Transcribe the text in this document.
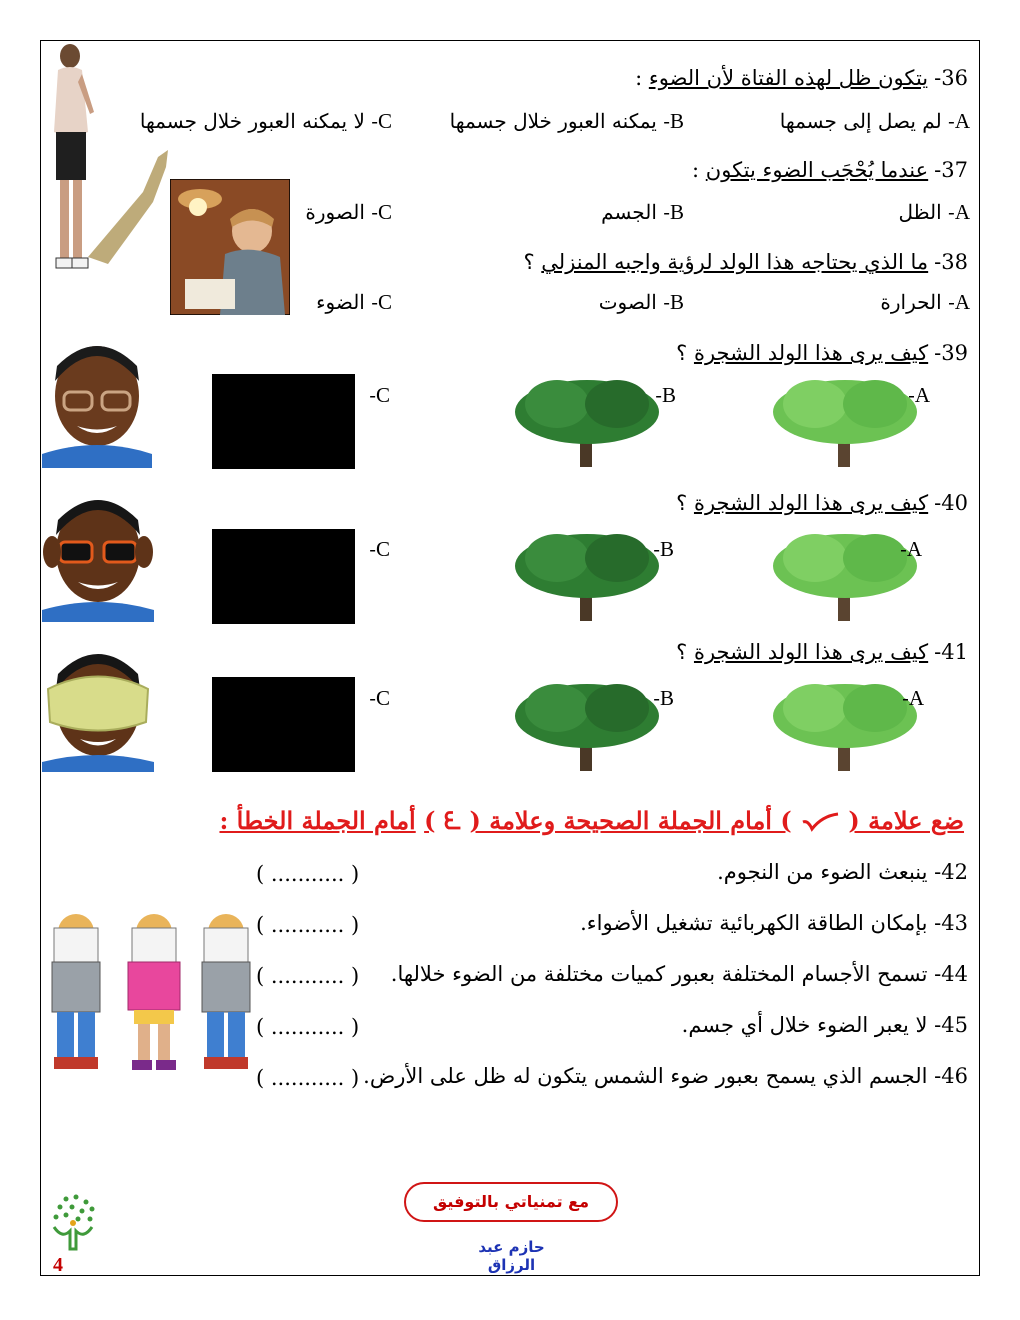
36-يتكون ظل لهذه الفتاة لأن الضوء :
A- لم يصل إلى جسمها
B- يمكنه العبور خلال جسمها
C- لا يمكنه العبور خلال جسمها
37-عندما يُحْجَب الضوء يتكون :
A- الظل
B- الجسم
C- الصورة
38-ما الذي يحتاجه هذا الولد لرؤية واجبه المنزلي ؟
A- الحرارة
B- الصوت
C- الضوء
39-كيف يرى هذا الولد الشجرة ؟
A-
B-
C-
40-كيف يرى هذا الولد الشجرة ؟
A-
B-
C-
41-كيف يرى هذا الولد الشجرة ؟
A-
B-
C-
ضع علامة (  ) أمام الجملة الصحيحة وعلامة ( ᘍ ) أمام الجملة الخطأ :
42- ينبعث الضوء من النجوم.
( ........... )
43- بإمكان الطاقة الكهربائية تشغيل الأضواء.
( ........... )
44- تسمح الأجسام المختلفة بعبور كميات مختلفة من الضوء خلالها.
( ........... )
45- لا يعبر الضوء خلال أي جسم.
( ........... )
46- الجسم الذي يسمح بعبور ضوء الشمس يتكون له ظل على الأرض.
( ........... )
مع تمنياتي بالتوفيق
حازم عبد الرزاق
4
